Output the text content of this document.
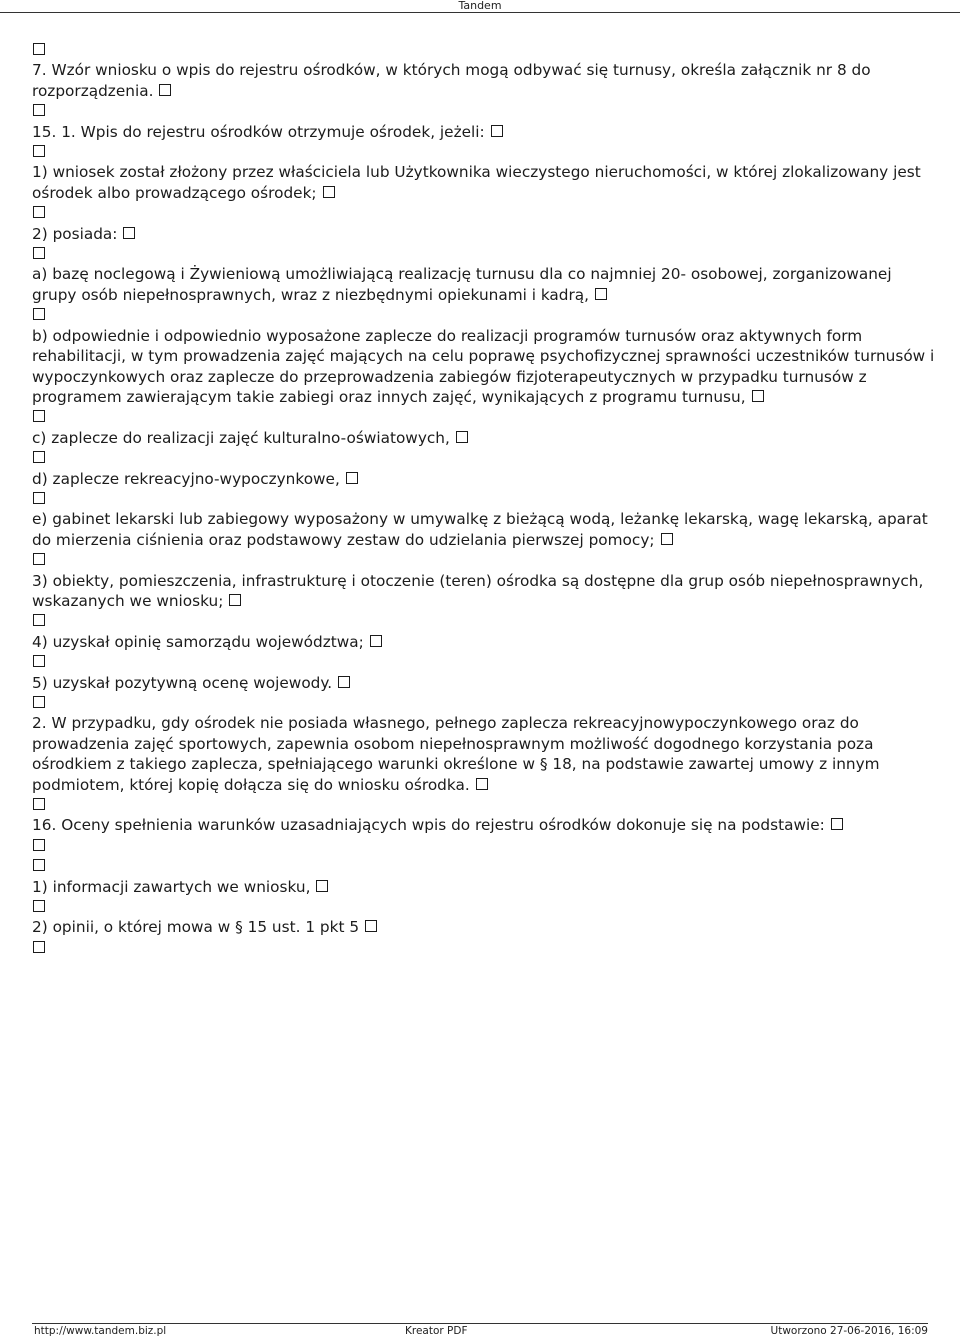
Tandem
7. Wzór wniosku o wpis do rejestru ośrodków, w których mogą odbywać się turnusy, określa załącznik nr 8 do rozporządzenia.
15. 1. Wpis do rejestru ośrodków otrzymuje ośrodek, jeżeli:
1) wniosek został złożony przez właściciela lub Użytkownika wieczystego nieruchomości, w której zlokalizowany jest ośrodek albo prowadzącego ośrodek;
2) posiada:
a) bazę noclegową i Żywieniową umożliwiającą realizację turnusu dla co najmniej 20- osobowej, zorganizowanej grupy osób niepełnosprawnych, wraz z niezbędnymi opiekunami i kadrą,
b) odpowiednie i odpowiednio wyposażone zaplecze do realizacji programów turnusów oraz aktywnych form rehabilitacji, w tym prowadzenia zajęć mających na celu poprawę psychofizycznej sprawności uczestników turnusów i wypoczynkowych oraz zaplecze do przeprowadzenia zabiegów fizjoterapeutycznych w przypadku turnusów z programem zawierającym takie zabiegi oraz innych zajęć, wynikających z programu turnusu,
c) zaplecze do realizacji zajęć kulturalno-oświatowych,
d) zaplecze rekreacyjno-wypoczynkowe,
e) gabinet lekarski lub zabiegowy wyposażony w umywalkę z bieżącą wodą, leżankę lekarską, wagę lekarską, aparat do mierzenia ciśnienia oraz podstawowy zestaw do udzielania pierwszej pomocy;
3) obiekty, pomieszczenia, infrastrukturę i otoczenie (teren) ośrodka są dostępne dla grup osób niepełnosprawnych, wskazanych we wniosku;
4) uzyskał opinię samorządu województwa;
5) uzyskał pozytywną ocenę wojewody.
2. W przypadku, gdy ośrodek nie posiada własnego, pełnego zaplecza rekreacyjnowypoczynkowego oraz do prowadzenia zajęć sportowych, zapewnia osobom niepełnosprawnym możliwość dogodnego korzystania poza ośrodkiem z takiego zaplecza, spełniającego warunki określone w § 18, na podstawie zawartej umowy z innym podmiotem, której kopię dołącza się do wniosku ośrodka.
16. Oceny spełnienia warunków uzasadniających wpis do rejestru ośrodków dokonuje się na podstawie:
1) informacji zawartych we wniosku,
2) opinii, o której mowa w § 15 ust. 1 pkt 5
http://www.tandem.biz.pl	Kreator PDF	Utworzono 27-06-2016, 16:09
